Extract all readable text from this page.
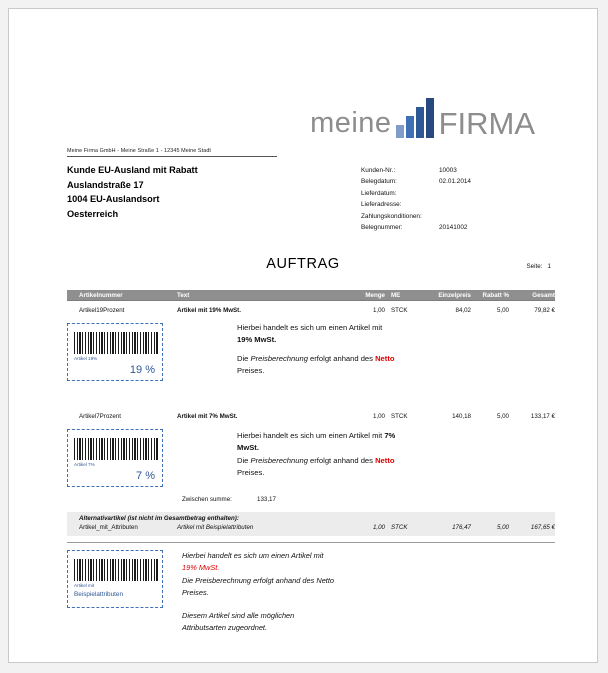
meine FIRMA
Meine Firma GmbH - Meine Straße 1 - 12345 Meine Stadt
Kunde EU-Ausland mit Rabatt
Auslandstraße 17
1004 EU-Auslandsort
Oesterreich
Kunden-Nr.:	10003
Belegdatum:	02.01.2014
Lieferdatum:	
Lieferadresse:	
Zahlungskonditionen:	
Belegnummer:	20141002
AUFTRAG	Seite: 1
Artikelnummer	Text	Menge ME	Einzelpreis	Rabatt %	Gesamt
Artikel19Prozent	Artikel mit 19% MwSt.	1,00 STCK	84,02	5,00	79,82 €
Artikel7Prozent	Artikel mit 7% MwSt.	1,00 STCK	140,18	5,00	133,17 €
Hierbei handelt es sich um einen Artikel mit
19% MwSt.
Die Preisberechnung erfolgt anhand des Netto
Preises.
Artikel 19%
19 %
Hierbei handelt es sich um einen Artikel mit 7%
MwSt.
Die Preisberechnung erfolgt anhand des Netto
Preises.
Artikel 7%
7 %
Zwischen summe:	133,17
Alternativartikel (ist nicht im Gesamtbetrag enthalten):
Artikel_mit_Attributen	Artikel mit Beispielattributen	1,00 STCK	176,47	5,00	167,65 €
Hierbei handelt es sich um einen Artikel mit
19% MwSt.
Die Preisberechnung erfolgt anhand des Netto
Preises.
Diesem Artikel sind alle möglichen
Attributsarten zugeordnet.
Artikel mit
Beispielattributen
